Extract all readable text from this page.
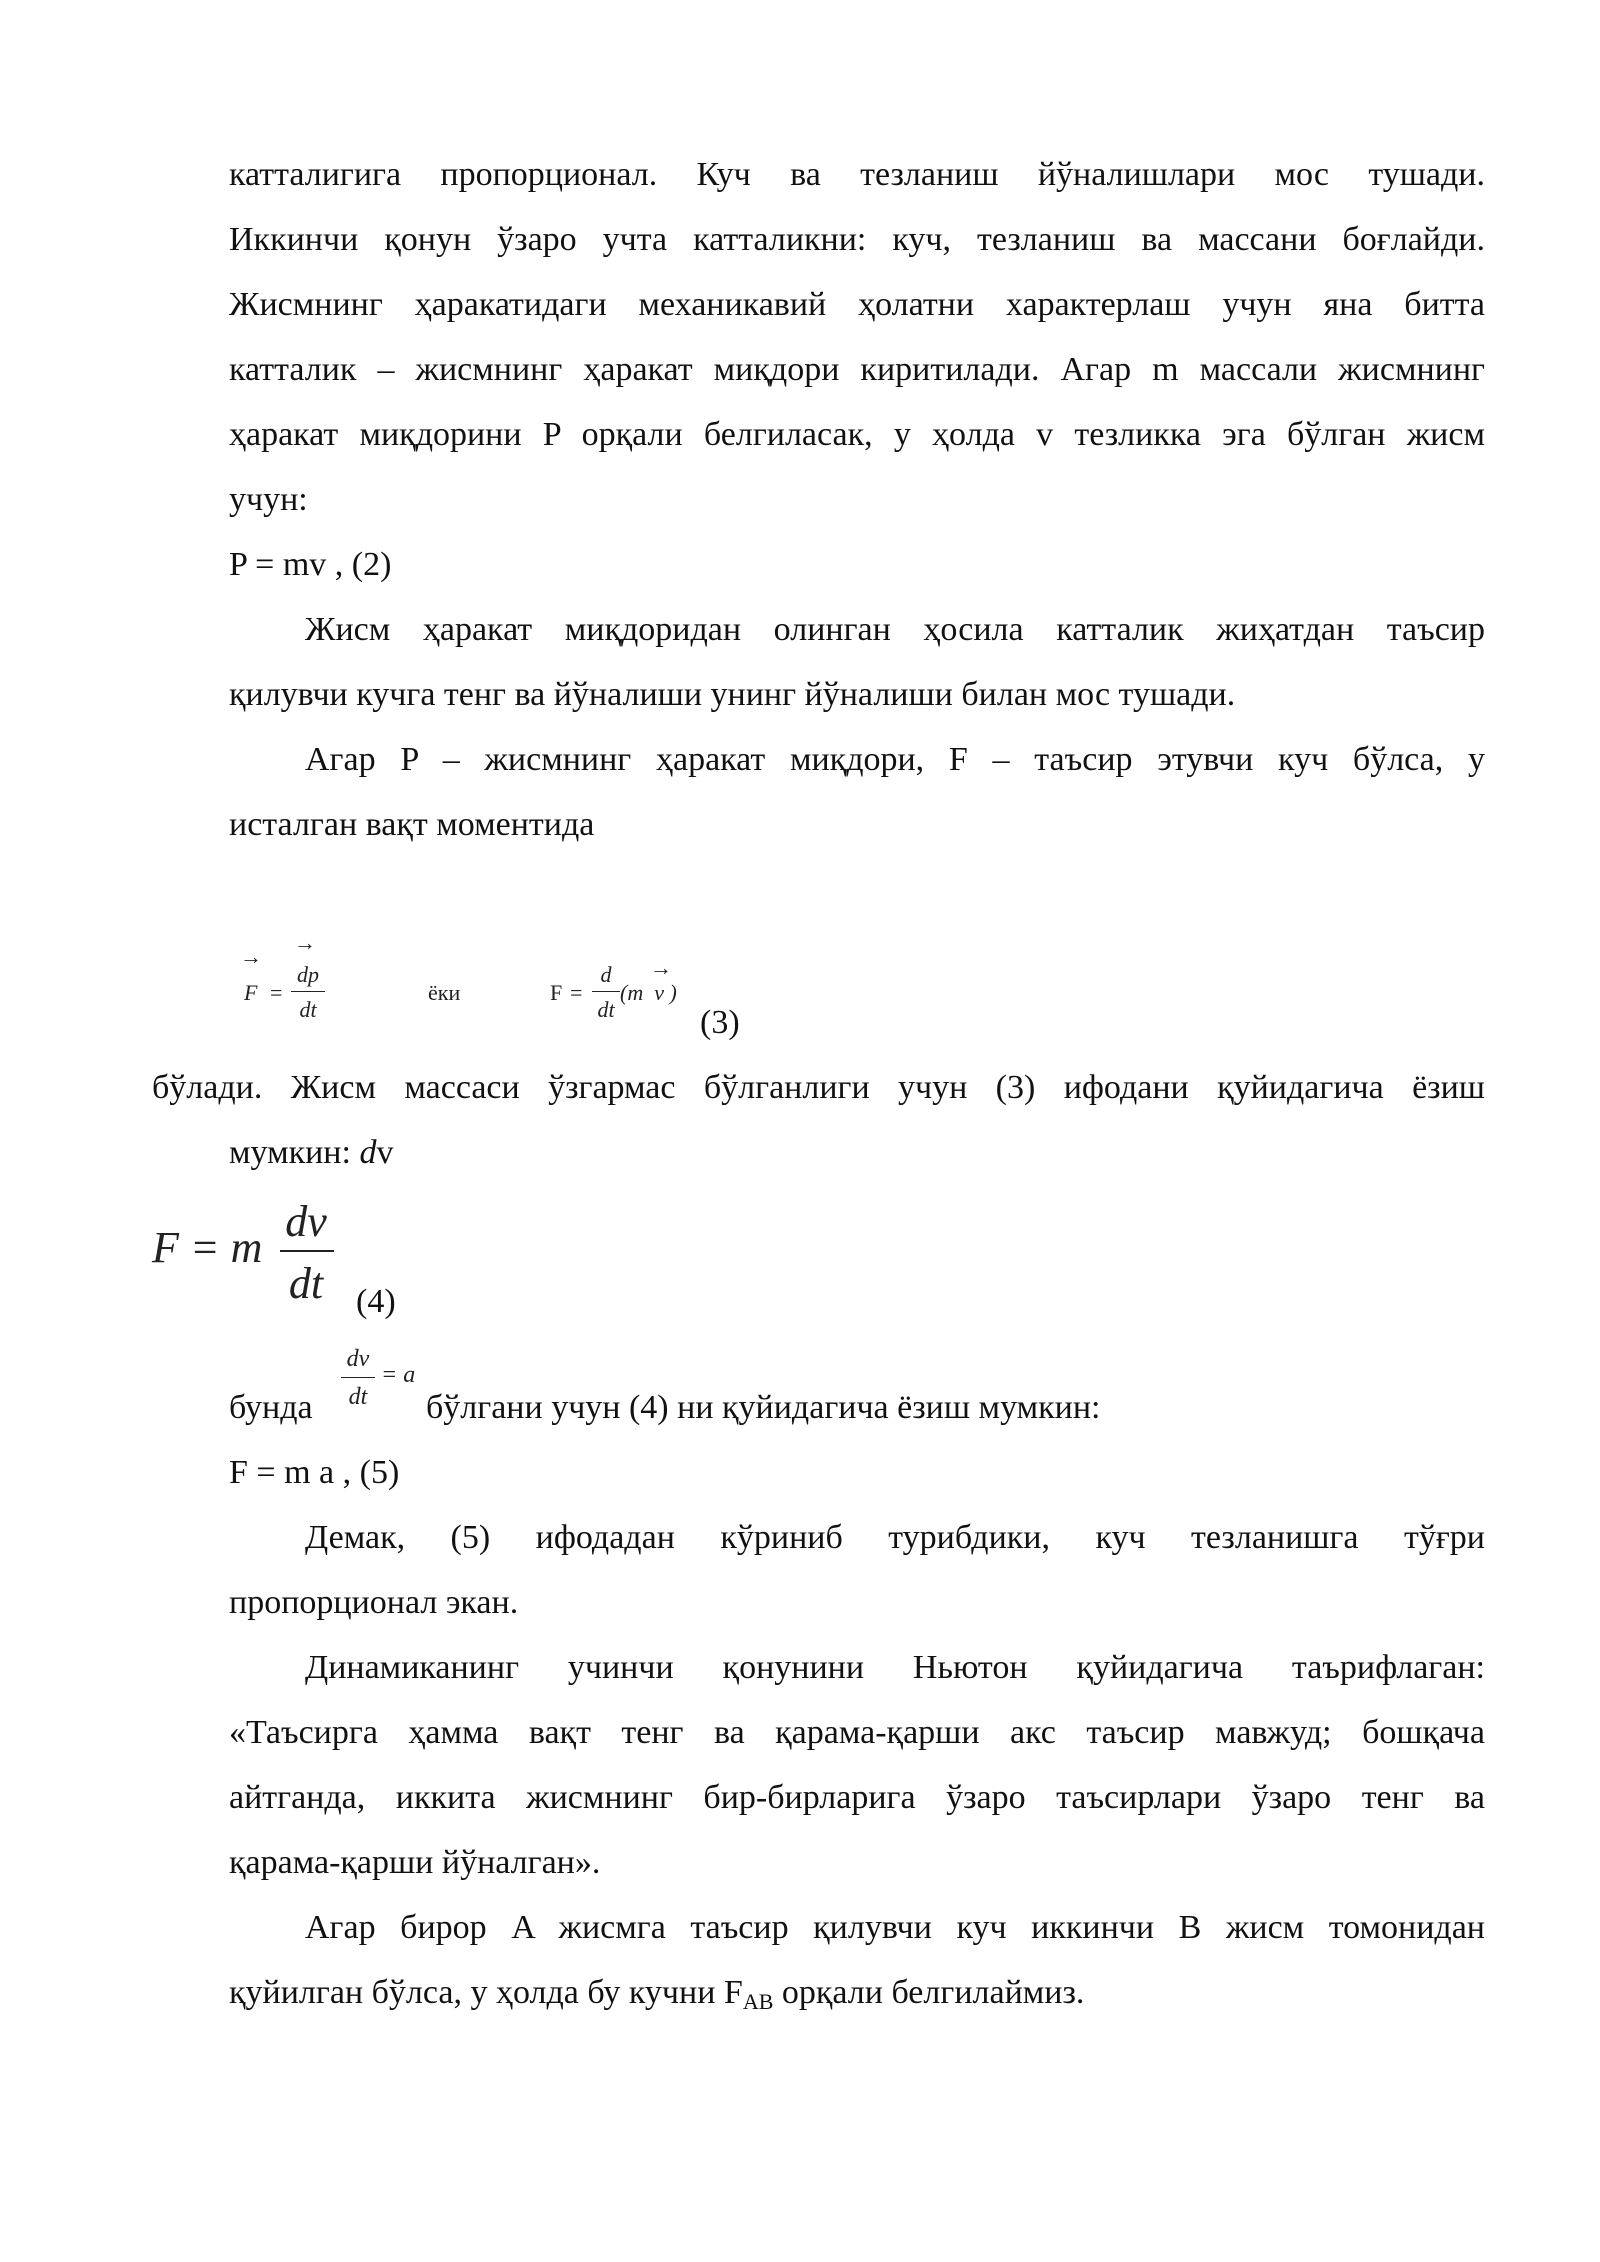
катталигига пропорционал. Куч ва тезланиш йўналишлари мос тушади.
Иккинчи қонун ўзаро учта катталикни: куч, тезланиш ва массани боғлайди.
Жисмнинг ҳаракатидаги механикавий ҳолатни характерлаш учун яна битта
катталик – жисмнинг ҳаракат миқдори киритилади. Агар m массали жисмнинг
ҳаракат миқдорини P орқали белгиласак, у ҳолда v тезликка эга бўлган жисм
учун:
P = mv , (2)
Жисм ҳаракат миқдоридан олинган ҳосила катталик жиҳатдан таъсир
қилувчи кучга тенг ва йўналиши унинг йўналиши билан мос тушади.
Агар P – жисмнинг ҳаракат миқдори, F – таъсир этувчи куч бўлса, у
исталган вақт моментида
→
F =
→
dp
dt
ёки	F =
d
dt
→
(m  v )
(3)
бўлади. Жисм массаси ўзгармас бўлганлиги учун (3) ифодани қуйидагича ёзиш
мумкин: dv
F = m
dv
dt (4)
бунда
dv
dt
= a
бўлгани учун (4) ни қуйидагича ёзиш мумкин:
F = m a , (5)
Демак, (5) ифодадан кўриниб турибдики, куч тезланишга тўғри
пропорционал экан.
Динамиканинг учинчи қонунини Ньютон қуйидагича таърифлаган:
«Таъсирга ҳамма вақт тенг ва қарама-қарши акс таъсир мавжуд; бошқача
айтганда, иккита жисмнинг бир-бирларига ўзаро таъсирлари ўзаро тенг ва
қарама-қарши йўналган».
Агар бирор A жисмга таъсир қилувчи куч иккинчи B жисм томонидан
қуйилган бўлса, у ҳолда бу кучни $F_{AB}$ орқали белгилаймиз.
